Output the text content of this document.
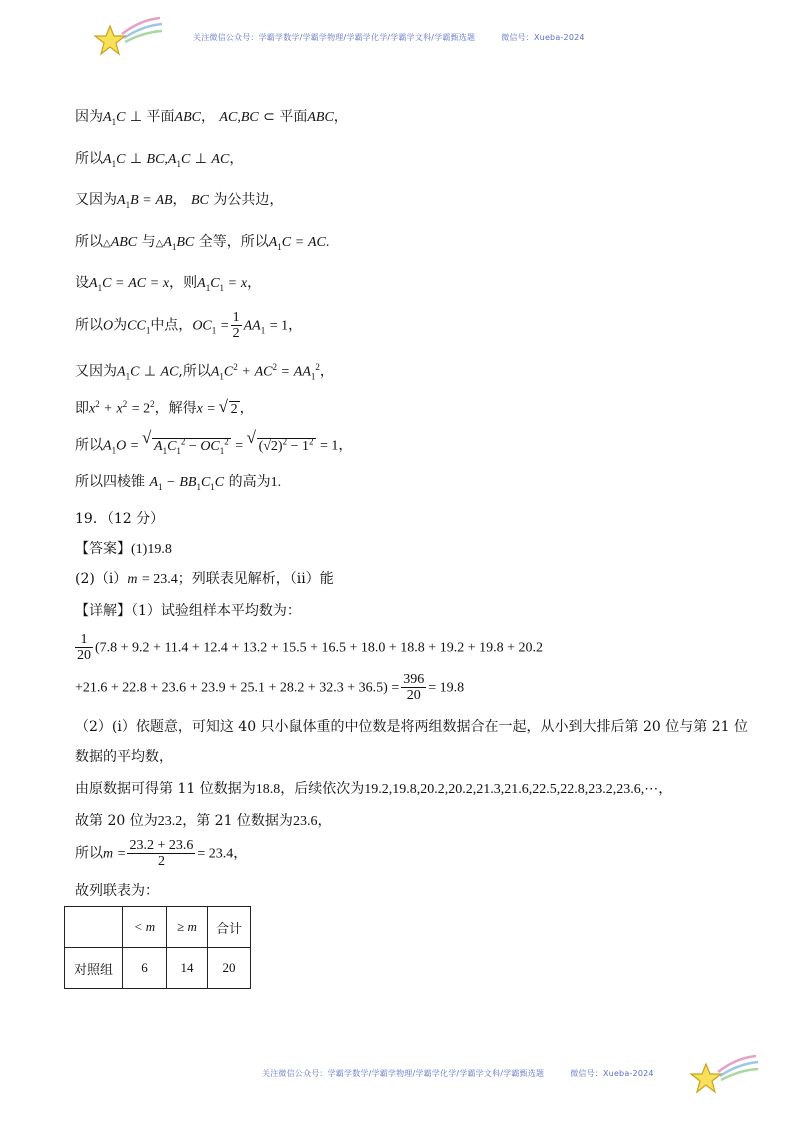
关注微信公众号：学霸学数学/学霸学物理/学霸学化学/学霸学文科/学霸甄选题	微信号：Xueba-2024
因为$A_1C$ ⊥ 平面ABC， AC,BC ⊂ 平面ABC，
所以$A_1C$ ⊥ $BC,A_1C$ ⊥ AC，
又因为$A_1B$ = AB， BC 为公共边，
所以△ABC 与$\triangle A_1BC$ 全等，所以$A_1C$ = AC.
设$A_1C$ = AC = x，则$A_1C_1 = x$，
所以O为$CC_1$中点，$OC_1 = \frac{1}{2} AA_1 = 1$，
又因为$A_1C$ ⊥ AC,所以$A_1C^2 + AC^2 = AA_1^2$，
即$x^2 + x^2 = 2^2$，解得x = √ 2 ，
所以$A_1O$ = √ $A_1C_1^2 - OC_1^2$ = √ $(√2)^2 - 1^2 = 1$，
所以四棱锥 $A_1 - BB_1C_1C$ 的高为1.
19．（12 分）
【答案】(1)19.8
(2)（i）m = 23.4；列联表见解析，（ii）能
【详解】（1）试验组样本平均数为：
$\frac{1}{20} (7.8 + 9.2 + 11.4 + 12.4 + 13.2 + 15.5 + 16.5 + 18.0 + 18.8 + 19.2 + 19.8 + 20.2$
$+21.6 + 22.8 + 23.6 + 23.9 + 25.1 + 28.2 + 32.3 + 36.5) = \frac{396}{20} = 19.8$
（2）(i）依题意，可知这 40 只小鼠体重的中位数是将两组数据合在一起，从小到大排后第 20 位与第 21 位
数据的平均数，
由原数据可得第 11 位数据为18.8，后续依次为19.2,19.8,20.2,20.2,21.3,21.6,22.5,22.8,23.2,23.6,⋯，
故第 20 位为23.2，第 21 位数据为23.6，
所以$m = \frac{23.2 + 23.6}{2} = 23.4$，
故列联表为：
	< m	≥ m	合计
对照组	6	14	20
关注微信公众号：学霸学数学/学霸学物理/学霸学化学/学霸学文科/学霸甄选题	微信号：Xueba-2024
